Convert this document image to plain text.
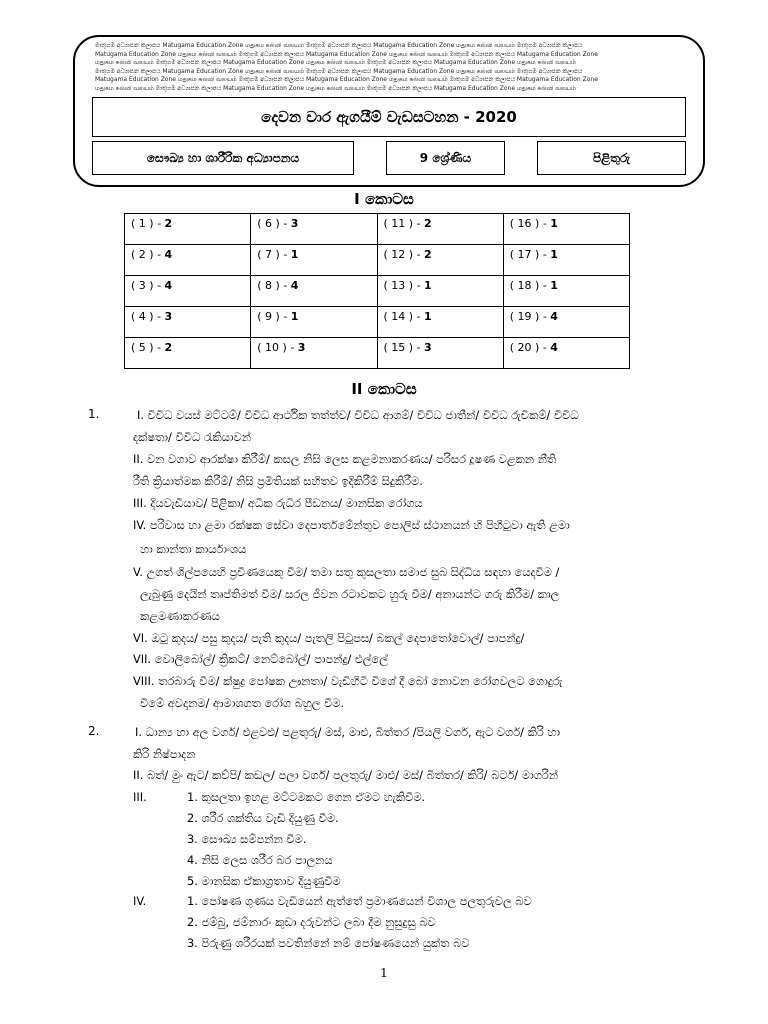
මාතුගම අධ්‍යාපන කලාපය Matugama Education Zone மதுகம கல்வி வலயம் මාතුගම අධ්‍යාපන කලාපය Matugama Education Zone மதுகம கல்வி வலயம் මාතුගම අධ්‍යාපන කලාපය
Matugama Education Zone மதுகம கல்வி வலயம் මාතුගම අධ්‍යාපන කලාපය Matugama Education Zone மதுகம கல்வி வலயம் මාතුගම අධ්‍යාපන කලාපය Matugama Education Zone
மதுகம கல்வி வலயம் මාතුගම අධ්‍යාපන කලාපය Matugama Education Zone மதுகம கல்வி வலயம் මාතුගම අධ්‍යාපන කලාපය Matugama Education Zone மதுகம கல்வி வலயம்
මාතුගම අධ්‍යාපන කලාපය Matugama Education Zone மதுகம கல்வி வலயம் මාතුගම අධ්‍යාපන කලාපය Matugama Education Zone மதுகம கல்வி வலயம் මාතුගම අධ්‍යාපන කලාපය
Matugama Education Zone மதுகம கல்வி வலயம் මාතුගම අධ්‍යාපන කලාපය Matugama Education Zone மதுகம கல்வி வலயம் මාතුගම අධ්‍යාපන කලාපය Matugama Education Zone
மதுகம கல்வி வலயம் මාතුගම අධ්‍යාපන කලාපය Matugama Education Zone மதுகம கல்வி வலயம் මාතුගම අධ්‍යාපන කලාපය Matugama Education Zone மதுகம கல்வி வலயம்
දෙවන වාර ඇගයීම් වැඩසටහන - 2020
සෞඛ්‍ය හා ශාරීරික අධ්‍යාපනය	9 ශ්‍රේණිය	පිළිතුරු
I කොටස
( 1 ) - 2	( 6 ) - 3	( 11 ) - 2	( 16 ) - 1
( 2 ) - 4	( 7 ) - 1	( 12 ) - 2	( 17 ) - 1
( 3 ) - 4	( 8 ) - 4	( 13 ) - 1	( 18 ) - 1
( 4 ) - 3	( 9 ) - 1	( 14 ) - 1	( 19 ) - 4
( 5 ) - 2	( 10 ) - 3	( 15 ) - 3	( 20 ) - 4
II කොටස
1.	I. විවිධ වයස් මට්ටම්/ විවිධ ආර්ථික තත්ත්ව/ විවිධ ආගම්/ විවිධ ජාතීන්/ විවිධ රුචිකම්/ විවිධ
දක්ෂතා/ විවිධ රැකියාවන්
II. වන වගාව ආරක්ෂා කිරීම්/ කසල නිසි ලෙස කළමනාකරණය/ පරිසර දූෂණ වළකන නීති
රීති ක්‍රියාත්මක කිරීම්/ නිසි ප්‍රමිතියක් සහිතව ඉදිකිරීම් සිදුකිරීම.
III. දියවැඩියාව/ පිළිකා/ අධික රුධිර පීඩනය/ මානසික රෝගය
IV. පරිවාස හා ළමා රක්ෂක සේවා දෙපාර්තමේන්තුව පොලිස් ස්ථානයන් හි පිහිටුවා ඇති ළමා
හා කාන්තා කාර්යාංශය
V. උගත් ශිල්පයෙහි ප්‍රවීණයෙකු වීම/ තමා සතු කුසලතා සමාජ සුබ සිද්ධිය සඳහා යෙදවීම /
ලැබුණු දෙයින් තෘප්තිමත් වීම/ සරල ජීවන රටාවකට හුරු වීම/ අනායන්ට ගරු කිරීම/ කාල
කළමණාකරණය
VI. ඔටු කුදය/ පසු කුදය/ පැති කුදය/ පැතලි පිටුපස/ බකල් දෙපාතෝවොල්/ පාපන්දු/
VII. වොලිබෝල්/ ක්‍රිකට්/ නෙට්බෝල්/ පාපන්දු/ එල්ලේ
VIII. තරබාරු වීම/ ක්ෂුද්‍ර පෝෂක ඌනතා/ වැඩිහිටි විශේ දී බෝ නොවන රෝගවලට ගොදුරු
වීමේ අවදානම/ ආමාශගත රෝග බහුල වීම.
2.	I. ධාන්‍ය හා අල වර්ග/ එළවළු/ පළතුරු/ මස්, මාළු, බිත්තර /පියලි වර්ග, ඇට වර්ග/ කිරි හා
කිරි නිෂ්පාදන
II. බත්/ මුං ඇට/ කව්පි/ කඩල/ පලා වර්ග/ පලතුරු/ මාළු/ මස්/ බිත්තර/ කිරි/ බටර්/ මාගරින්
III.	1. කුසලතා ඉහළ මට්ටමකට ගෙන ඒමට හැකිවීම.
2. ශරීර ශක්තිය වැඩි දියුණු වීම.
3. සෞඛ්‍ය සම්පන්න වීම.
4. නිසි ලෙස ශරීර බර පාලනය
5. මානසික ඒකාග්‍රතාව දියුණුවීම
IV.	1. පෝෂණ ගුණය වැඩියෙන් ඇත්තේ ප්‍රමාණයෙන් විශාල පලතුරුවල බව
2. ජම්බු, ජම්නාරං කුඩා දරුවන්ට ලබා දීම නුසුදුසු බව
3. පිරුණු ශරීරයක් පවතින්නේ නම් පෝෂණයෙන් යුක්ත බව
1
